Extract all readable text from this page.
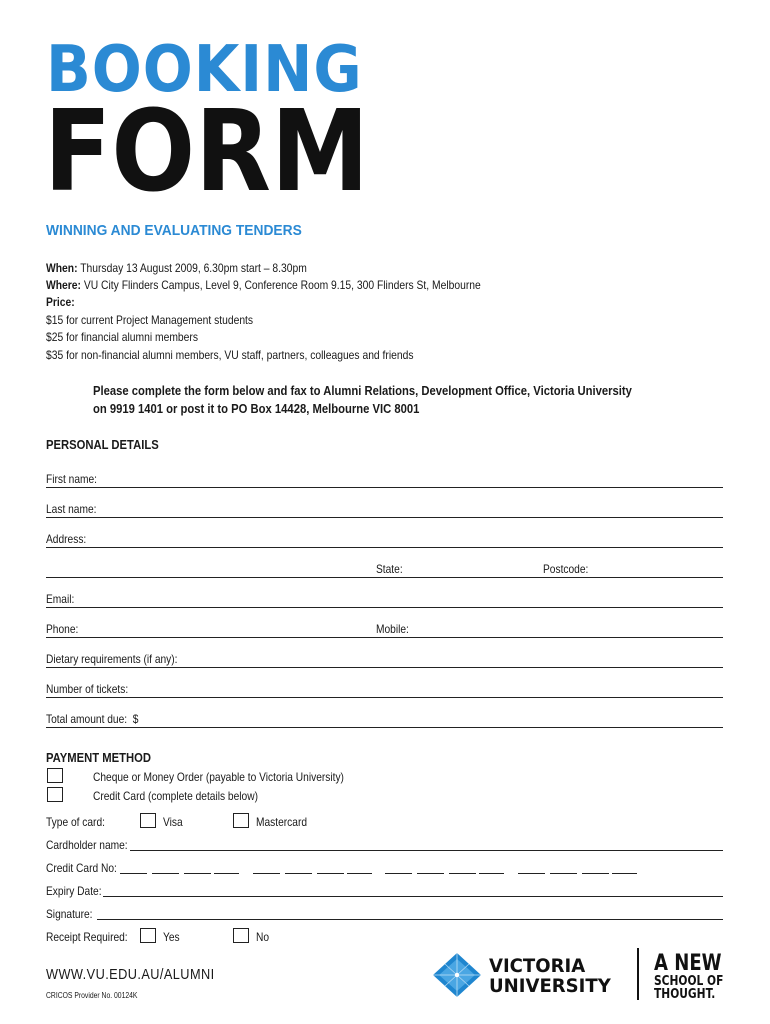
BOOKING
FORM
WINNING AND EVALUATING TENDERS
When: Thursday 13 August 2009, 6.30pm start – 8.30pm
Where: VU City Flinders Campus, Level 9, Conference Room 9.15, 300 Flinders St, Melbourne
Price:
$15 for current Project Management students
$25 for financial alumni members
$35 for non-financial alumni members, VU staff, partners, colleagues and friends
Please complete the form below and fax to Alumni Relations, Development Office, Victoria University
on 9919 1401 or post it to PO Box 14428, Melbourne VIC 8001
PERSONAL DETAILS
First name:
Last name:
Address:
State:	Postcode:
Email:
Phone:	Mobile:
Dietary requirements (if any):
Number of tickets:
Total amount due: $
PAYMENT METHOD
Cheque or Money Order (payable to Victoria University)
Credit Card (complete details below)
Type of card:	Visa	Mastercard
Cardholder name:
Credit Card No:
Expiry Date:
Signature:
Receipt Required:	Yes	No
WWW.VU.EDU.AU/ALUMNI
CRICOS Provider No. 00124K
VICTORIA
UNIVERSITY
A NEW
SCHOOL OF
THOUGHT.
